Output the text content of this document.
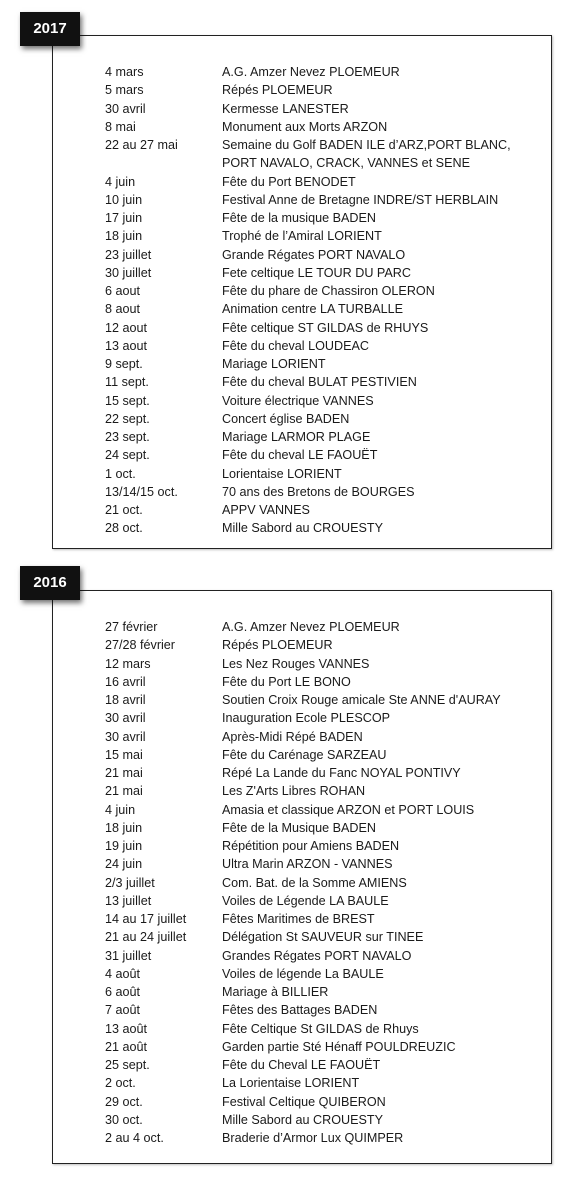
2017
4 mars	A.G. Amzer Nevez PLOEMEUR
5 mars	Répés PLOEMEUR
30 avril	Kermesse LANESTER
8 mai	Monument aux Morts ARZON
22 au 27 mai	Semaine du Golf BADEN ILE d’ARZ,PORT BLANC,
PORT NAVALO, CRACK, VANNES et SENE
4 juin	Fête du Port BENODET
10 juin	Festival Anne de Bretagne INDRE/ST HERBLAIN
17 juin	Fête de la musique BADEN
18 juin	Trophé de l’Amiral LORIENT
23 juillet	Grande Régates PORT NAVALO
30 juillet	Fete celtique LE TOUR DU PARC
6 aout	Fête du phare de Chassiron OLERON
8 aout	Animation centre LA TURBALLE
12 aout	Fête celtique ST GILDAS de RHUYS
13 aout	Fête du cheval LOUDEAC
9 sept.	Mariage LORIENT
11 sept.	Fête du cheval BULAT PESTIVIEN
15 sept.	Voiture électrique VANNES
22 sept.	Concert église BADEN
23 sept.	Mariage LARMOR PLAGE
24 sept.	Fête du cheval LE FAOUËT
1 oct.	Lorientaise LORIENT
13/14/15 oct.	70 ans des Bretons de BOURGES
21 oct.	APPV VANNES
28 oct.	Mille Sabord au CROUESTY
2016
27 février	A.G. Amzer Nevez PLOEMEUR
27/28 février	Répés PLOEMEUR
12 mars	Les Nez Rouges VANNES
16 avril	Fête du Port LE BONO
18 avril	Soutien Croix Rouge amicale Ste ANNE d'AURAY
30 avril	Inauguration Ecole PLESCOP
30 avril	Après-Midi Répé BADEN
15 mai	Fête du Carénage SARZEAU
21 mai	Répé La Lande du Fanc NOYAL PONTIVY
21 mai	Les Z'Arts Libres ROHAN
4 juin	Amasia et classique ARZON et PORT LOUIS
18 juin	Fête de la Musique BADEN
19 juin	Répétition pour Amiens BADEN
24 juin	Ultra Marin ARZON - VANNES
2/3 juillet	Com. Bat. de la Somme AMIENS
13 juillet	Voiles de Légende LA BAULE
14 au 17 juillet	Fêtes Maritimes de BREST
21 au 24 juillet	Délégation St SAUVEUR sur TINEE
31 juillet	Grandes Régates PORT NAVALO
4 août	Voiles de légende La BAULE
6 août	Mariage à BILLIER
7 août	Fêtes des Battages BADEN
13 août	Fête Celtique St GILDAS de Rhuys
21 août	Garden partie Sté Hénaff POULDREUZIC
25 sept.	Fête du Cheval LE FAOUËT
2 oct.	La Lorientaise LORIENT
29 oct.	Festival Celtique QUIBERON
30 oct.	Mille Sabord au CROUESTY
2 au 4 oct.	Braderie d’Armor Lux QUIMPER
